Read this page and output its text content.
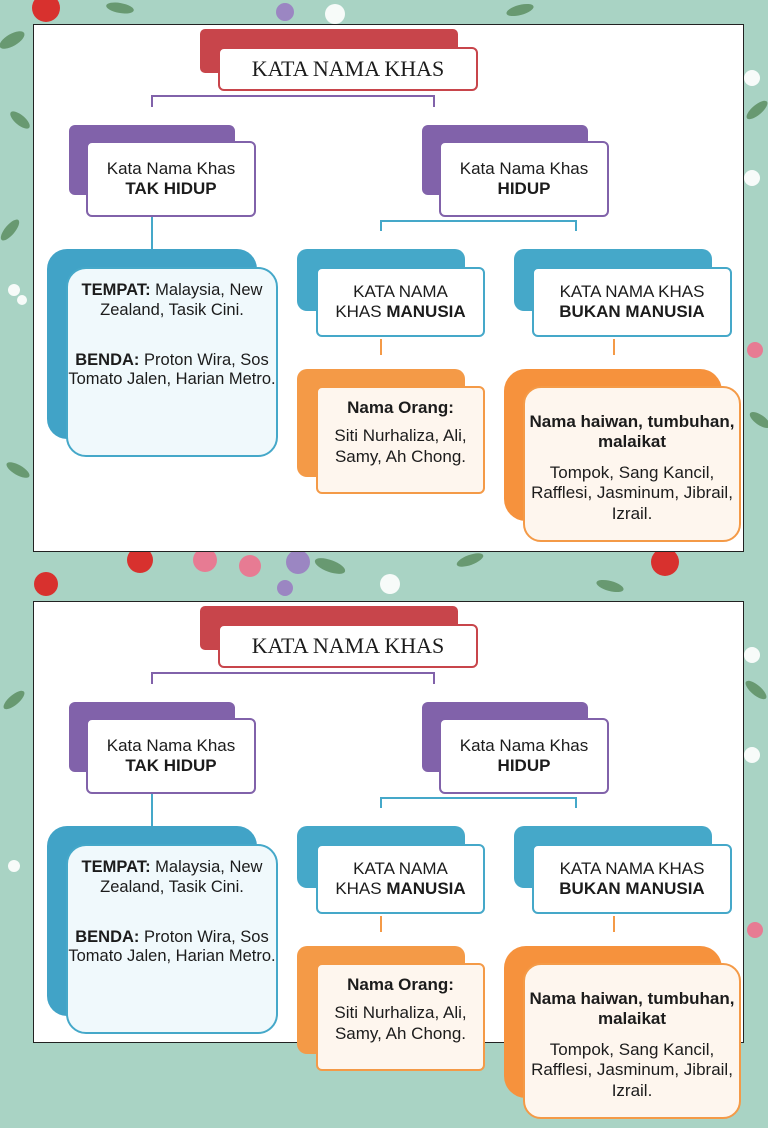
KATA NAMA KHAS
Kata Nama Khas
TAK HIDUP
Kata Nama Khas
HIDUP
TEMPAT: Malaysia, New Zealand, Tasik Cini.
BENDA: Proton Wira, Sos Tomato Jalen, Harian Metro.
KATA NAMA
KHAS MANUSIA
KATA NAMA KHAS
BUKAN MANUSIA
Nama Orang:
Siti Nurhaliza, Ali, Samy, Ah Chong.
Nama haiwan, tumbuhan, malaikat
Tompok, Sang Kancil, Rafflesi, Jasminum, Jibrail, Izrail.
KATA NAMA KHAS
Kata Nama Khas
TAK HIDUP
Kata Nama Khas
HIDUP
TEMPAT: Malaysia, New Zealand, Tasik Cini.
BENDA: Proton Wira, Sos Tomato Jalen, Harian Metro.
KATA NAMA
KHAS MANUSIA
KATA NAMA KHAS
BUKAN MANUSIA
Nama Orang:
Siti Nurhaliza, Ali, Samy, Ah Chong.
Nama haiwan, tumbuhan, malaikat
Tompok, Sang Kancil, Rafflesi, Jasminum, Jibrail, Izrail.
